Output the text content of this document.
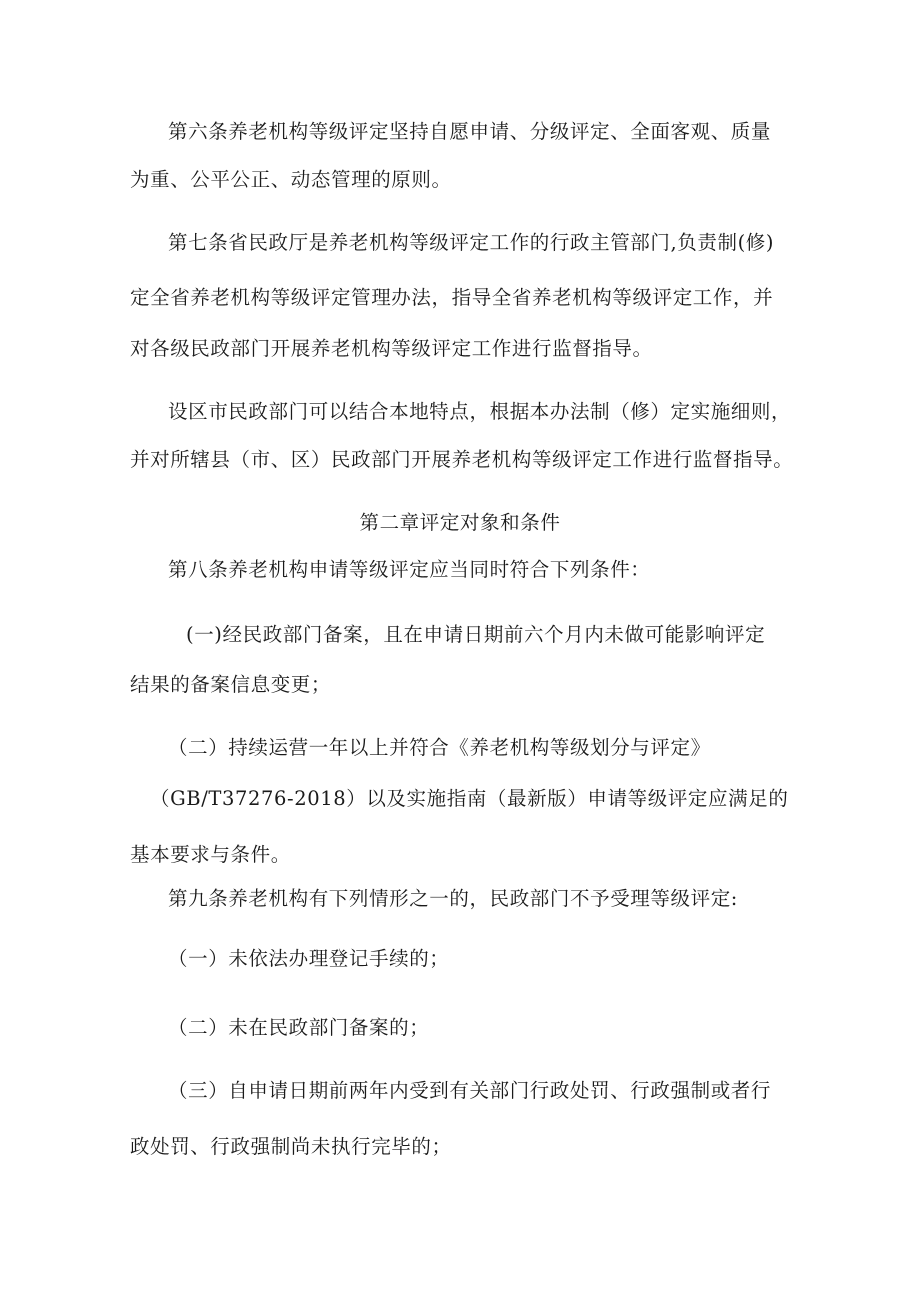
第六条养老机构等级评定坚持自愿申请、分级评定、全面客观、质量
为重、公平公正、动态管理的原则。
第七条省民政厅是养老机构等级评定工作的行政主管部门,负责制(修)
定全省养老机构等级评定管理办法，指导全省养老机构等级评定工作，并
对各级民政部门开展养老机构等级评定工作进行监督指导。
设区市民政部门可以结合本地特点，根据本办法制（修）定实施细则，
并对所辖县（市、区）民政部门开展养老机构等级评定工作进行监督指导。
第二章评定对象和条件
第八条养老机构申请等级评定应当同时符合下列条件：
(一)经民政部门备案，且在申请日期前六个月内未做可能影响评定
结果的备案信息变更；
（二）持续运营一年以上并符合《养老机构等级划分与评定》
（GB/T37276-2018）以及实施指南（最新版）申请等级评定应满足的
基本要求与条件。
第九条养老机构有下列情形之一的，民政部门不予受理等级评定:
（一）未依法办理登记手续的；
（二）未在民政部门备案的；
（三）自申请日期前两年内受到有关部门行政处罚、行政强制或者行
政处罚、行政强制尚未执行完毕的；
